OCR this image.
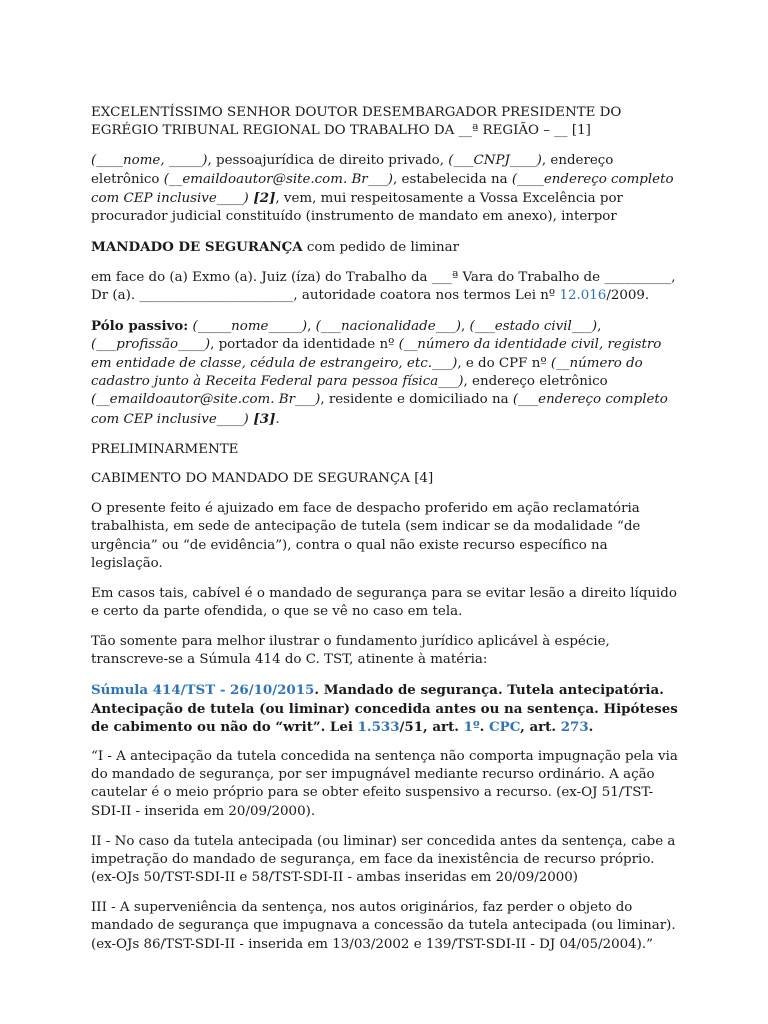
EXCELENTÍSSIMO SENHOR DOUTOR DESEMBARGADOR PRESIDENTE DO EGRÉGIO TRIBUNAL REGIONAL DO TRABALHO DA __ª REGIÃO – __ [1]

(____nome, _____), pessoajurídica de direito privado, (___CNPJ____), endereço eletrônico (__emaildoautor@site.com. Br___), estabelecida na (____endereço completo com CEP inclusive____) [2], vem, mui respeitosamente a Vossa Excelência por procurador judicial constituído (instrumento de mandato em anexo), interpor

MANDADO DE SEGURANÇA com pedido de liminar

em face do (a) Exmo (a). Juiz (íza) do Trabalho da ___ª Vara do Trabalho de __________, Dr (a). _______________________, autoridade coatora nos termos Lei nº 12.016/2009.

Pólo passivo: (_____nome_____), (___nacionalidade___), (___estado civil___), (___profissão____), portador da identidade nº (__número da identidade civil, registro em entidade de classe, cédula de estrangeiro, etc.___), e do CPF nº (__número do cadastro junto à Receita Federal para pessoa física___), endereço eletrônico (__emaildoautor@site.com. Br___), residente e domiciliado na (___endereço completo com CEP inclusive____) [3].

PRELIMINARMENTE

CABIMENTO DO MANDADO DE SEGURANÇA [4]

O presente feito é ajuizado em face de despacho proferido em ação reclamatória trabalhista, em sede de antecipação de tutela (sem indicar se da modalidade “de urgência” ou “de evidência”), contra o qual não existe recurso específico na legislação.

Em casos tais, cabível é o mandado de segurança para se evitar lesão a direito líquido e certo da parte ofendida, o que se vê no caso em tela.

Tão somente para melhor ilustrar o fundamento jurídico aplicável à espécie, transcreve-se a Súmula 414 do C. TST, atinente à matéria:

Súmula 414/TST - 26/10/2015. Mandado de segurança. Tutela antecipatória. Antecipação de tutela (ou liminar) concedida antes ou na sentença. Hipóteses de cabimento ou não do “writ”. Lei 1.533/51, art. 1º. CPC, art. 273.

“I - A antecipação da tutela concedida na sentença não comporta impugnação pela via do mandado de segurança, por ser impugnável mediante recurso ordinário. A ação cautelar é o meio próprio para se obter efeito suspensivo a recurso. (ex-OJ 51/TST-SDI-II - inserida em 20/09/2000).

II - No caso da tutela antecipada (ou liminar) ser concedida antes da sentença, cabe a impetração do mandado de segurança, em face da inexistência de recurso próprio. (ex-OJs 50/TST-SDI-II e 58/TST-SDI-II - ambas inseridas em 20/09/2000)

III - A superveniência da sentença, nos autos originários, faz perder o objeto do mandado de segurança que impugnava a concessão da tutela antecipada (ou liminar). (ex-OJs 86/TST-SDI-II - inserida em 13/03/2002 e 139/TST-SDI-II - DJ 04/05/2004).”
